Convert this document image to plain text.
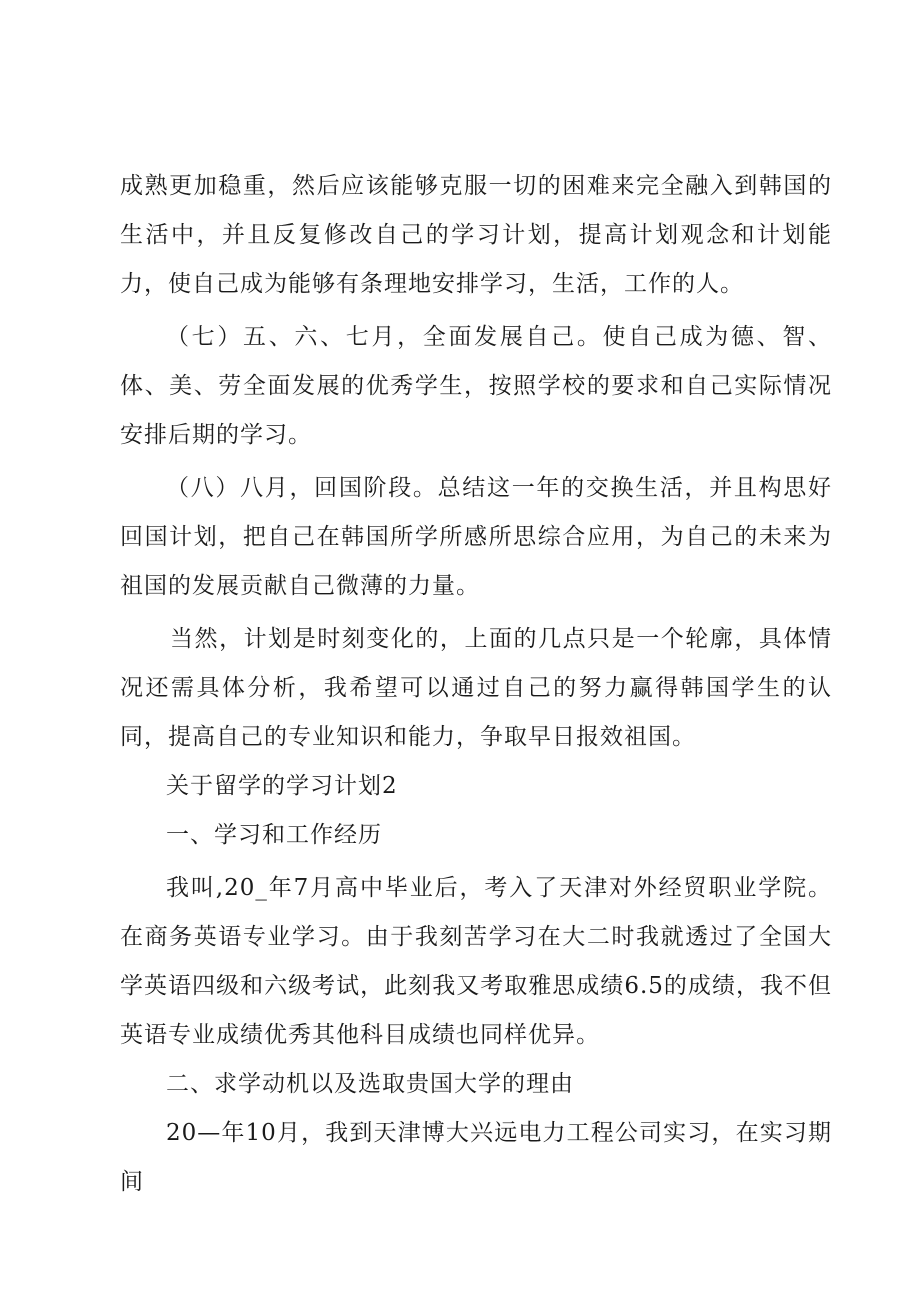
成熟更加稳重，然后应该能够克服一切的困难来完全融入到韩国的生活中，并且反复修改自己的学习计划，提高计划观念和计划能力，使自己成为能够有条理地安排学习，生活，工作的人。

（七）五、六、七月，全面发展自己。使自己成为德、智、体、美、劳全面发展的优秀学生，按照学校的要求和自己实际情况安排后期的学习。

（八）八月，回国阶段。总结这一年的交换生活，并且构思好回国计划，把自己在韩国所学所感所思综合应用，为自己的未来为祖国的发展贡献自己微薄的力量。

当然，计划是时刻变化的，上面的几点只是一个轮廓，具体情况还需具体分析，我希望可以通过自己的努力赢得韩国学生的认同，提高自己的专业知识和能力，争取早日报效祖国。

关于留学的学习计划2

一、学习和工作经历

我叫,20_年7月高中毕业后，考入了天津对外经贸职业学院。在商务英语专业学习。由于我刻苦学习在大二时我就透过了全国大学英语四级和六级考试，此刻我又考取雅思成绩6.5的成绩，我不但英语专业成绩优秀其他科目成绩也同样优异。

二、求学动机以及选取贵国大学的理由

20—年10月，我到天津博大兴远电力工程公司实习，在实习期间
